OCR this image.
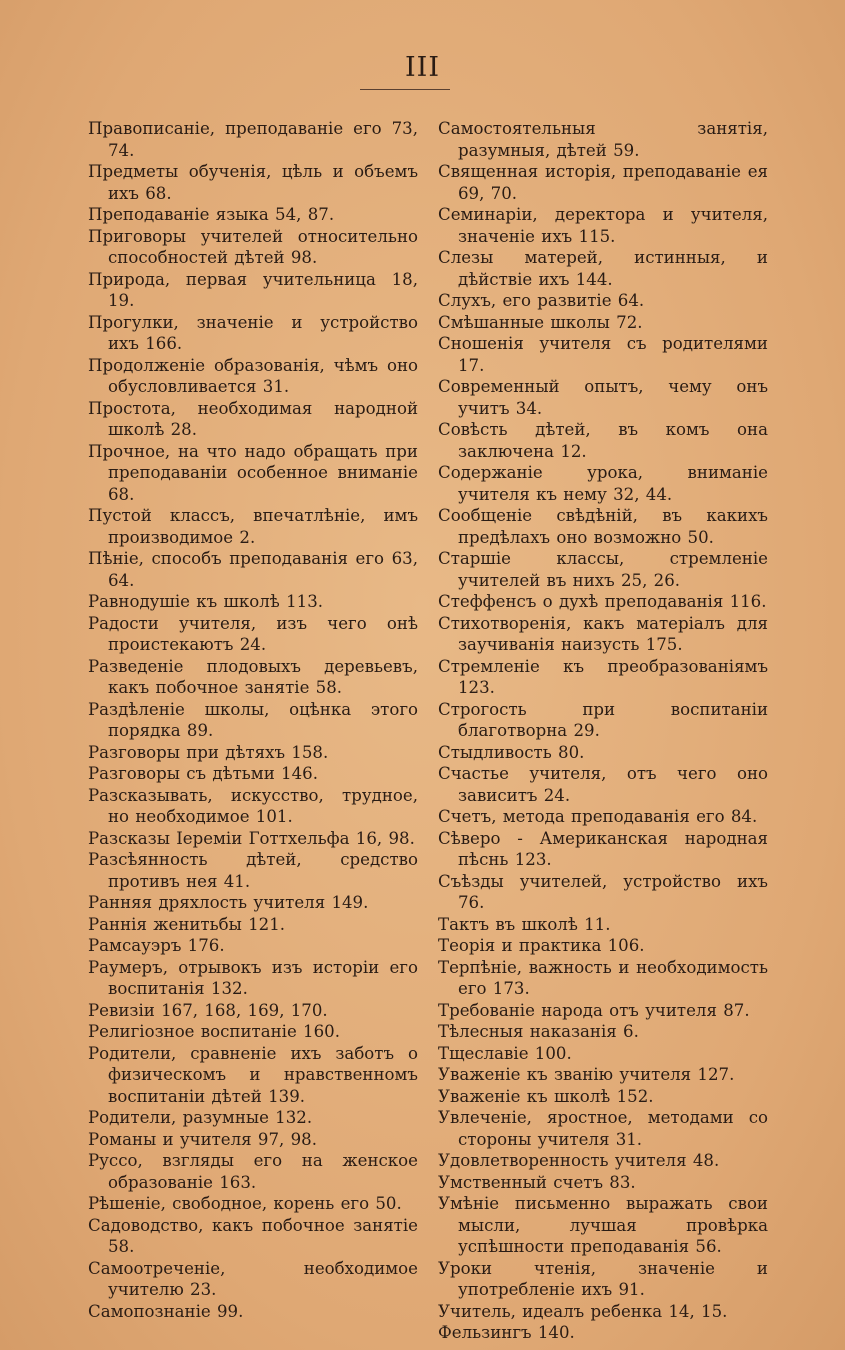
III

Правописаніе, преподаваніе его 73, 74.

Предметы обученія, цѣль и объемъ ихъ 68.

Преподаваніе языка 54, 87.

Приговоры учителей относительно способностей дѣтей 98.

Природа, первая учительница 18, 19.

Прогулки, значеніе и устройство ихъ 166.

Продолженіе образованія, чѣмъ оно обусловливается 31.

Простота, необходимая народной школѣ 28.

Прочное, на что надо обращать при преподаваніи особенное вниманіе 68.

Пустой классъ, впечатлѣніе, имъ производимое 2.

Пѣніе, способъ преподаванія его 63, 64.

Равнодушіе къ школѣ 113.

Радости учителя, изъ чего онѣ проистекаютъ 24.

Разведеніе плодовыхъ деревьевъ, какъ побочное занятіе 58.

Раздѣленіе школы, оцѣнка этого порядка 89.

Разговоры при дѣтяхъ 158.

Разговоры съ дѣтьми 146.

Разсказывать, искусство, трудное, но необходимое 101.

Разсказы Іереміи Готтхельфа 16, 98.

Разсѣянность дѣтей, средство противъ нея 41.

Ранняя дряхлость учителя 149.

Раннія женитьбы 121.

Рамсауэръ 176.

Раумеръ, отрывокъ изъ исторіи его воспитанія 132.

Ревизіи 167, 168, 169, 170.

Религіозное воспитаніе 160.

Родители, сравненіе ихъ заботъ о физическомъ и нравственномъ воспитаніи дѣтей 139.

Родители, разумные 132.

Романы и учителя 97, 98.

Руссо, взгляды его на женское образованіе 163.

Рѣшеніе, свободное, корень его 50.

Садоводство, какъ побочное занятіе 58.

Самоотреченіе, необходимое учителю 23.

Самопознаніе 99.

Самостоятельныя занятія, разумныя, дѣтей 59.

Священная исторія, преподаваніе ея 69, 70.

Семинаріи, деректора и учителя, значеніе ихъ 115.

Слезы матерей, истинныя, и дѣйствіе ихъ 144.

Слухъ, его развитіе 64.

Смѣшанные школы 72.

Сношенія учителя съ родителями 17.

Современный опытъ, чему онъ учитъ 34.

Совѣсть дѣтей, въ комъ она заключена 12.

Содержаніе урока, вниманіе учителя къ нему 32, 44.

Сообщеніе свѣдѣній, въ какихъ предѣлахъ оно возможно 50.

Старшіе классы, стремленіе учителей въ нихъ 25, 26.

Стеффенсъ о духѣ преподаванія 116.

Стихотворенія, какъ матеріалъ для заучиванія наизусть 175.

Стремленіе къ преобразованіямъ 123.

Строгость при воспитаніи благотворна 29.

Стыдливость 80.

Счастье учителя, отъ чего оно зависитъ 24.

Счетъ, метода преподаванія его 84.

Сѣверо - Американская народная пѣснь 123.

Съѣзды учителей, устройство ихъ 76.

Тактъ въ школѣ 11.

Теорія и практика 106.

Терпѣніе, важность и необходимость его 173.

Требованіе народа отъ учителя 87.

Тѣлесныя наказанія 6.

Тщеславіе 100.

Уваженіе къ званію учителя 127.

Уваженіе къ школѣ 152.

Увлеченіе, яростное, методами со стороны учителя 31.

Удовлетворенность учителя 48.

Умственный счетъ 83.

Умѣніе письменно выражать свои мысли, лучшая провѣрка успѣшности преподаванія 56.

Уроки чтенія, значеніе и употребленіе ихъ 91.

Учитель, идеалъ ребенка 14, 15.

Фельзингъ 140.
